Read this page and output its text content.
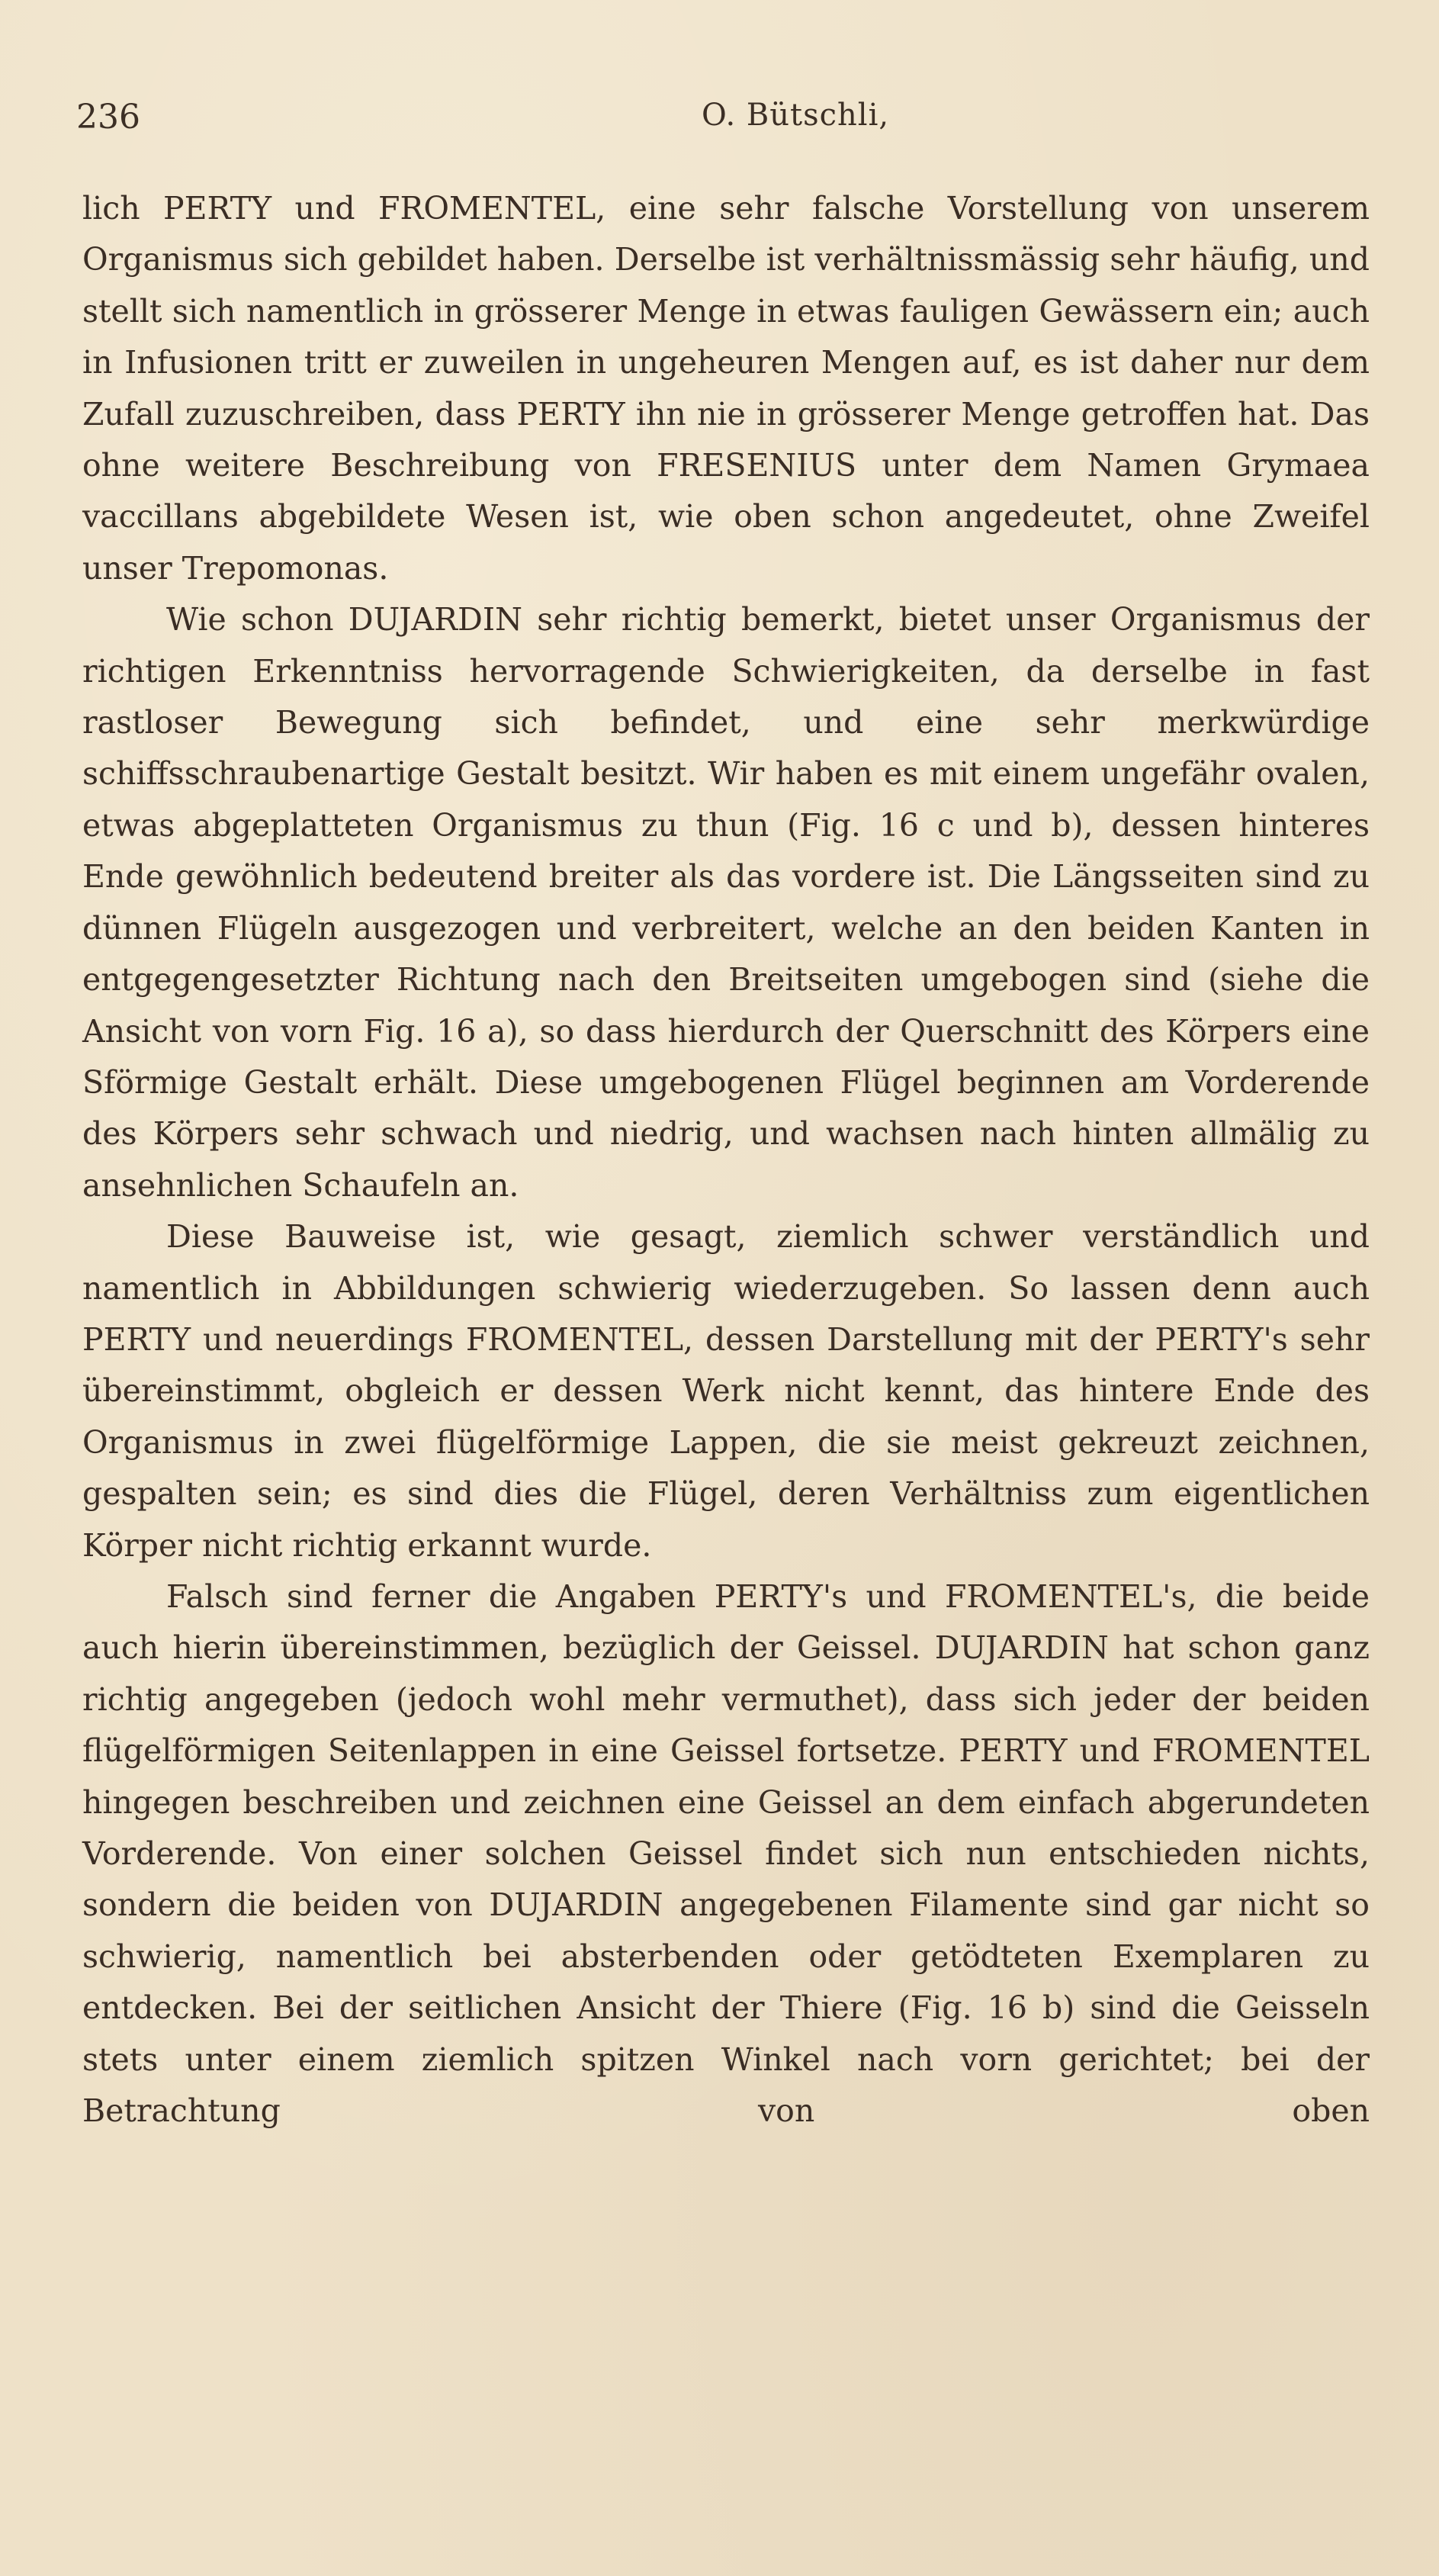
236	O. Bütschli,

lich PERTY und FROMENTEL, eine sehr falsche Vorstellung von unserem Organismus sich gebildet haben. Derselbe ist verhältnissmässig sehr häufig, und stellt sich namentlich in grösserer Menge in etwas fauligen Gewässern ein; auch in Infusionen tritt er zuweilen in ungeheuren Mengen auf, es ist daher nur dem Zufall zuzuschreiben, dass PERTY ihn nie in grösserer Menge getroffen hat. Das ohne weitere Beschreibung von FRESENIUS unter dem Namen Grymaea vaccillans abgebildete Wesen ist, wie oben schon angedeutet, ohne Zweifel unser Trepomonas.

Wie schon DUJARDIN sehr richtig bemerkt, bietet unser Organismus der richtigen Erkenntniss hervorragende Schwierigkeiten, da derselbe in fast rastloser Bewegung sich befindet, und eine sehr merkwürdige schiffsschraubenartige Gestalt besitzt. Wir haben es mit einem ungefähr ovalen, etwas abgeplatteten Organismus zu thun (Fig. 16 c und b), dessen hinteres Ende gewöhnlich bedeutend breiter als das vordere ist. Die Längsseiten sind zu dünnen Flügeln ausgezogen und verbreitert, welche an den beiden Kanten in entgegengesetzter Richtung nach den Breitseiten umgebogen sind (siehe die Ansicht von vorn Fig. 16 a), so dass hierdurch der Querschnitt des Körpers eine Sförmige Gestalt erhält. Diese umgebogenen Flügel beginnen am Vorderende des Körpers sehr schwach und niedrig, und wachsen nach hinten allmälig zu ansehnlichen Schaufeln an.

Diese Bauweise ist, wie gesagt, ziemlich schwer verständlich und namentlich in Abbildungen schwierig wiederzugeben. So lassen denn auch PERTY und neuerdings FROMENTEL, dessen Darstellung mit der PERTY's sehr übereinstimmt, obgleich er dessen Werk nicht kennt, das hintere Ende des Organismus in zwei flügelförmige Lappen, die sie meist gekreuzt zeichnen, gespalten sein; es sind dies die Flügel, deren Verhältniss zum eigentlichen Körper nicht richtig erkannt wurde.

Falsch sind ferner die Angaben PERTY's und FROMENTEL's, die beide auch hierin übereinstimmen, bezüglich der Geissel. DUJARDIN hat schon ganz richtig angegeben (jedoch wohl mehr vermuthet), dass sich jeder der beiden flügelförmigen Seitenlappen in eine Geissel fortsetze. PERTY und FROMENTEL hingegen beschreiben und zeichnen eine Geissel an dem einfach abgerundeten Vorderende. Von einer solchen Geissel findet sich nun entschieden nichts, sondern die beiden von DUJARDIN angegebenen Filamente sind gar nicht so schwierig, namentlich bei absterbenden oder getödteten Exemplaren zu entdecken. Bei der seitlichen Ansicht der Thiere (Fig. 16 b) sind die Geisseln stets unter einem ziemlich spitzen Winkel nach vorn gerichtet; bei der Betrachtung von oben
